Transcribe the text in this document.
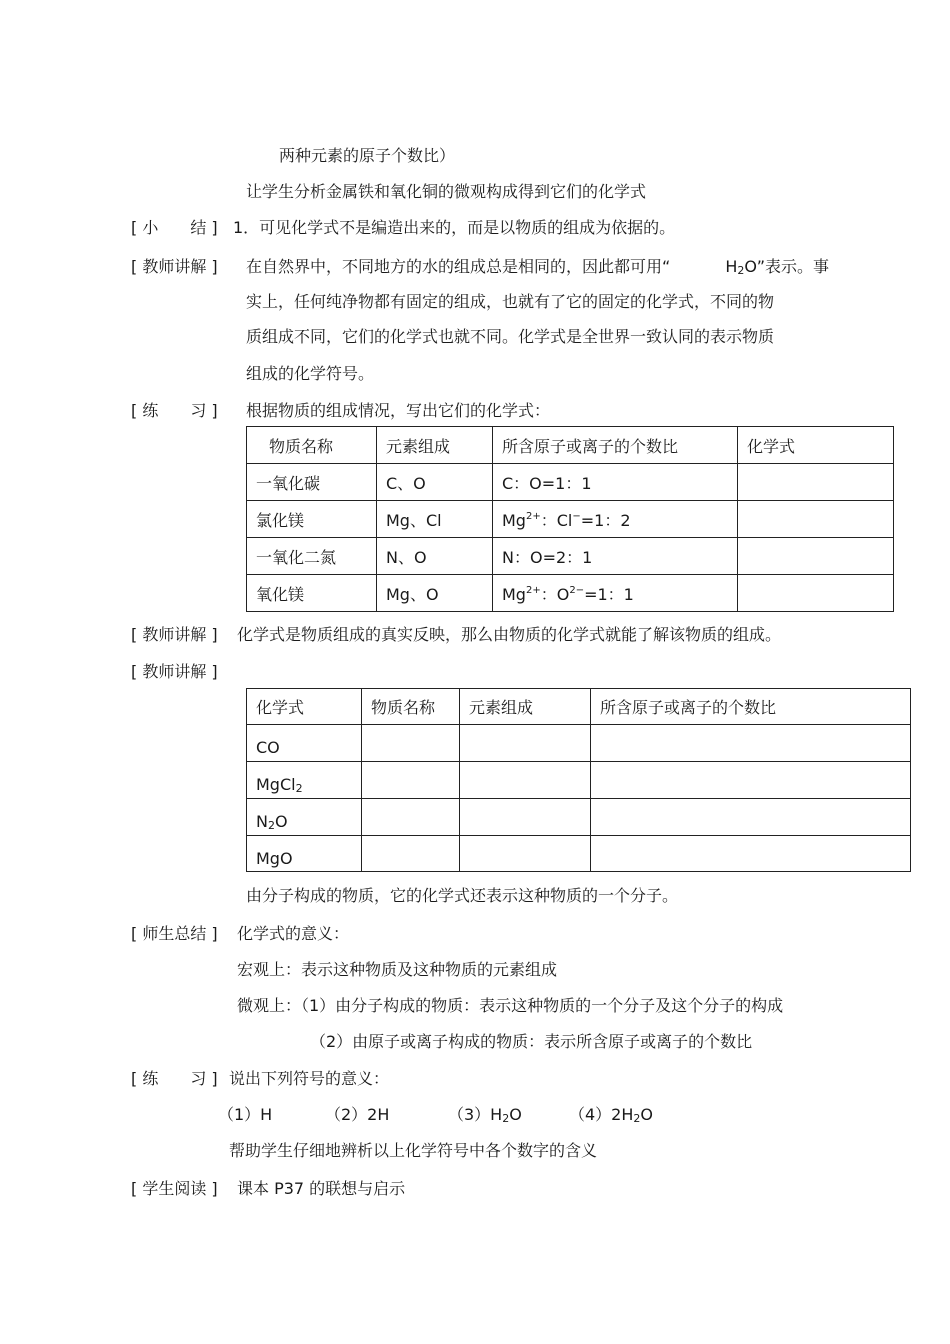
两种元素的原子个数比）
让学生分析金属铁和氧化铜的微观构成得到它们的化学式
[ 小　　结 ] 1．可见化学式不是编造出来的，而是以物质的组成为依据的。
[ 教师讲解 ] 在自然界中，不同地方的水的组成总是相同的，因此都可用“	$H_2O$”表示。事
实上，任何纯净物都有固定的组成，也就有了它的固定的化学式，不同的物
质组成不同，它们的化学式也就不同。化学式是全世界一致认同的表示物质
组成的化学符号。
[ 练　　习 ] 根据物质的组成情况，写出它们的化学式：
物质名称	元素组成	所含原子或离子的个数比	化学式
一氧化碳	C、O	C：O=1：1	
氯化镁	Mg、Cl	$Mg^{2+}$：Cl−=1：2	
一氧化二氮	N、O	N：O=2：1	
氧化镁	Mg、O	$Mg^{2+}$：$O^{2-}=1$：1	
[ 教师讲解 ] 化学式是物质组成的真实反映，那么由物质的化学式就能了解该物质的组成。
[ 教师讲解 ]
化学式	物质名称	元素组成	所含原子或离子的个数比
CO			
MgCl$_2$			
$N_2O$			
MgO			
由分子构成的物质，它的化学式还表示这种物质的一个分子。
[ 师生总结 ] 化学式的意义：
宏观上：表示这种物质及这种物质的元素组成
微观上：（1）由分子构成的物质：表示这种物质的一个分子及这个分子的构成
（2）由原子或离子构成的物质：表示所含原子或离子的个数比
[ 练　　习 ] 说出下列符号的意义：
（1）H	（2）2H	$(3)H_2O$	$(4)2H_2O$
帮助学生仔细地辨析以上化学符号中各个数字的含义
[ 学生阅读 ] 课本 P37 的联想与启示
